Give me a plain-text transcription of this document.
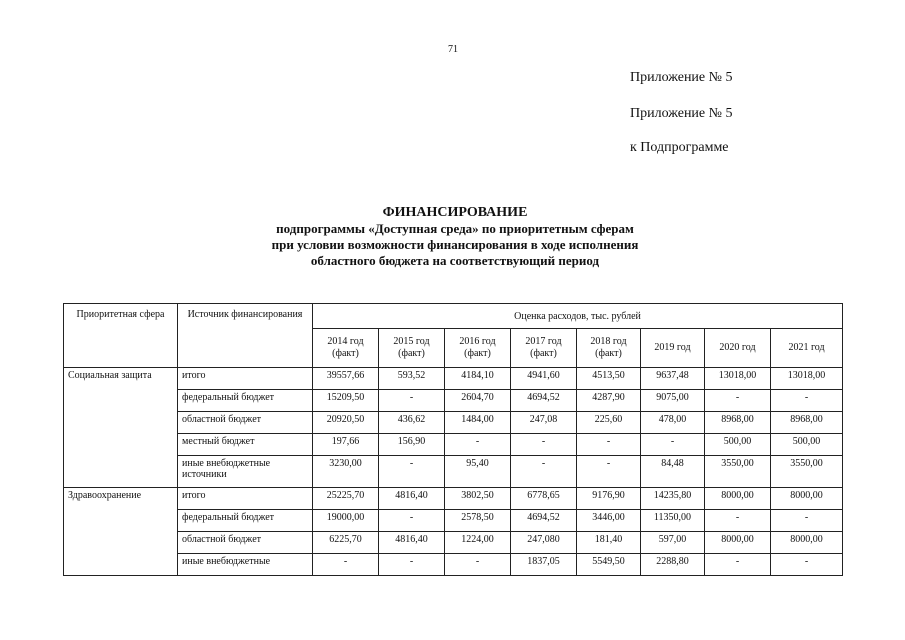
71
Приложение № 5
Приложение № 5
к Подпрограмме
ФИНАНСИРОВАНИЕ
подпрограммы «Доступная среда» по приоритетным сферам
при условии возможности финансирования в ходе исполнения
областного бюджета на соответствующий период
Приоритетная сфера	Источник финансирования	Оценка расходов, тыс. рублей							
		2014 год (факт)	2015 год (факт)	2016 год (факт)	2017 год (факт)	2018 год (факт)	2019 год	2020 год	2021 год
Социальная защита	итого	39557,66	593,52	4184,10	4941,60	4513,50	9637,48	13018,00	13018,00
	федеральный бюджет	15209,50	-	2604,70	4694,52	4287,90	9075,00	-	-
	областной бюджет	20920,50	436,62	1484,00	247,08	225,60	478,00	8968,00	8968,00
	местный бюджет	197,66	156,90	-	-	-	-	500,00	500,00
	иные внебюджетные источники	3230,00	-	95,40	-	-	84,48	3550,00	3550,00
Здравоохранение	итого	25225,70	4816,40	3802,50	6778,65	9176,90	14235,80	8000,00	8000,00
	федеральный бюджет	19000,00	-	2578,50	4694,52	3446,00	11350,00	-	-
	областной бюджет	6225,70	4816,40	1224,00	247,080	181,40	597,00	8000,00	8000,00
	иные внебюджетные	-	-	-	1837,05	5549,50	2288,80	-	-
